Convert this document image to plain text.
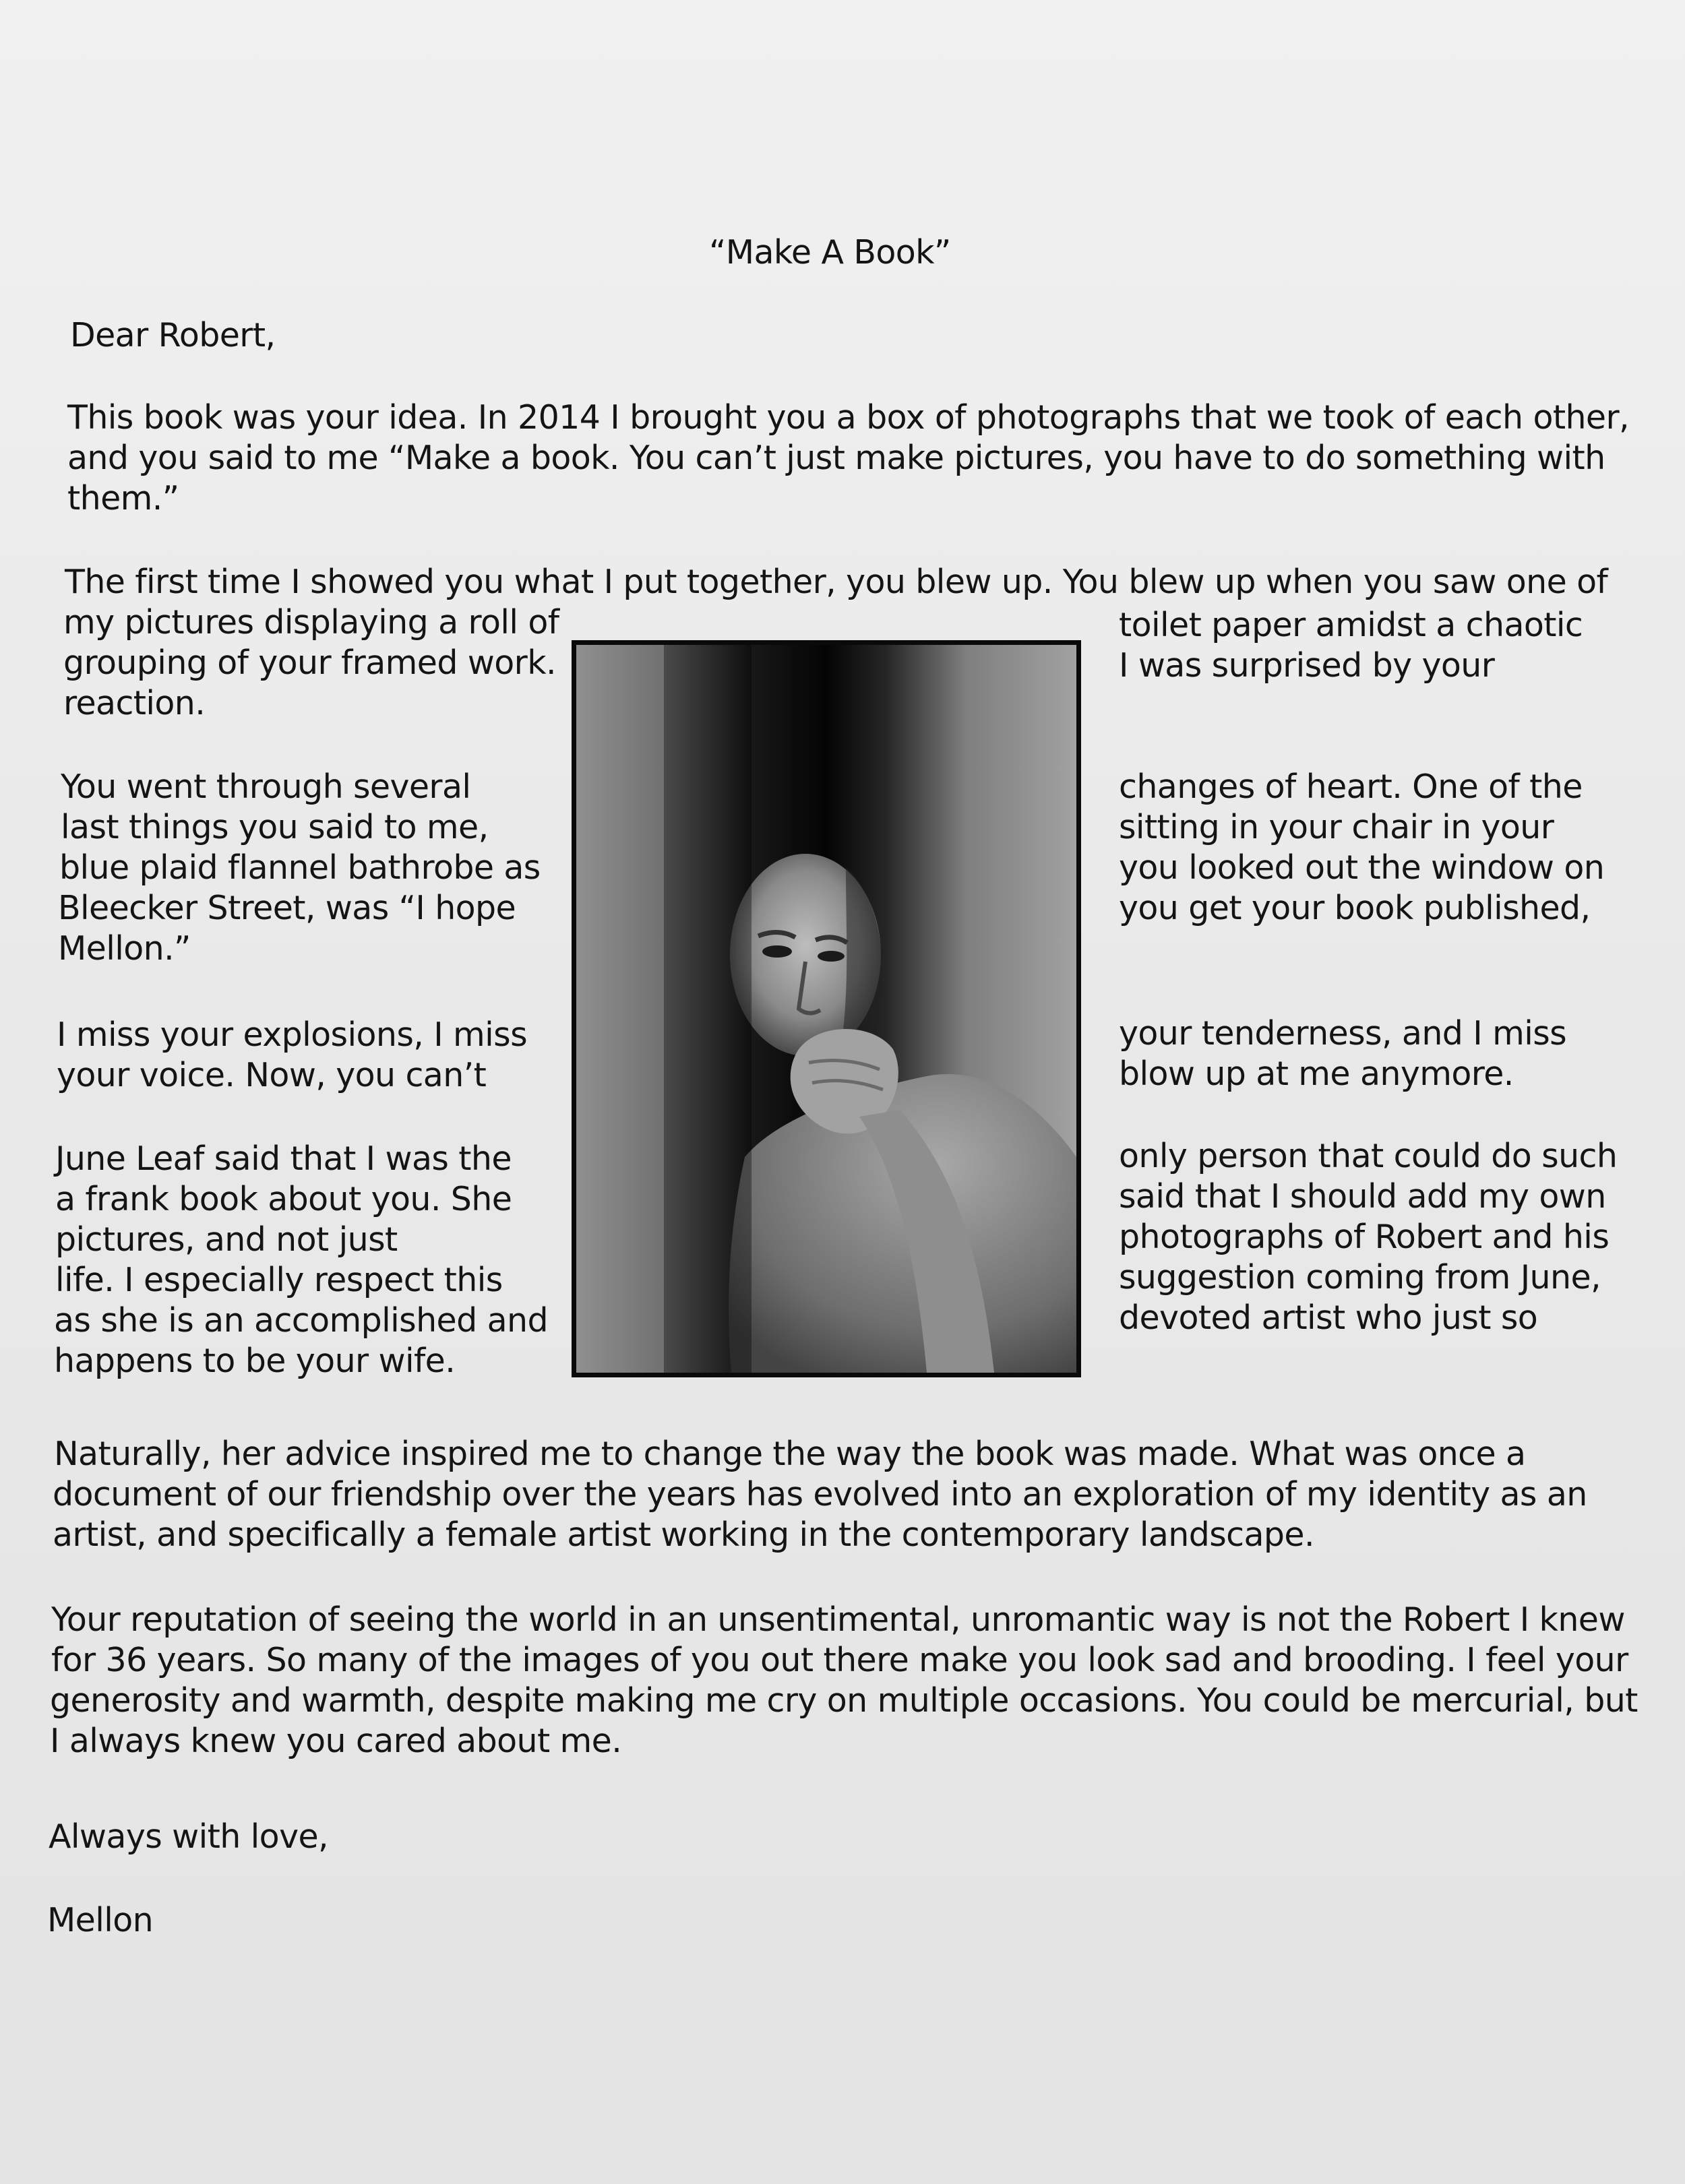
“Make A Book”
Dear Robert,
This book was your idea. In 2014 I brought you a box of photographs that we took of each other,
and you said to me “Make a book. You can’t just make pictures, you have to do something with
them.”
The first time I showed you what I put together, you blew up. You blew up when you saw one of
my pictures displaying a roll of
grouping of your framed work.
reaction.
toilet paper amidst a chaotic
I was surprised by your
You went through several
last things you said to me,
blue plaid flannel bathrobe as
Bleecker Street, was “I hope
Mellon.”
changes of heart. One of the
sitting in your chair in your
you looked out the window on
you get your book published,
I miss your explosions, I miss
your voice. Now, you can’t
your tenderness, and I miss
blow up at me anymore.
June Leaf said that I was the
a frank book about you. She
pictures, and not just
life. I especially respect this
as she is an accomplished and
happens to be your wife.
only person that could do such
said that I should add my own
photographs of Robert and his
suggestion coming from June,
devoted artist who just so
Naturally, her advice inspired me to change the way the book was made. What was once a
document of our friendship over the years has evolved into an exploration of my identity as an
artist, and specifically a female artist working in the contemporary landscape.
Your reputation of seeing the world in an unsentimental, unromantic way is not the Robert I knew
for 36 years. So many of the images of you out there make you look sad and brooding. I feel your
generosity and warmth, despite making me cry on multiple occasions. You could be mercurial, but
I always knew you cared about me.
Always with love,
Mellon
